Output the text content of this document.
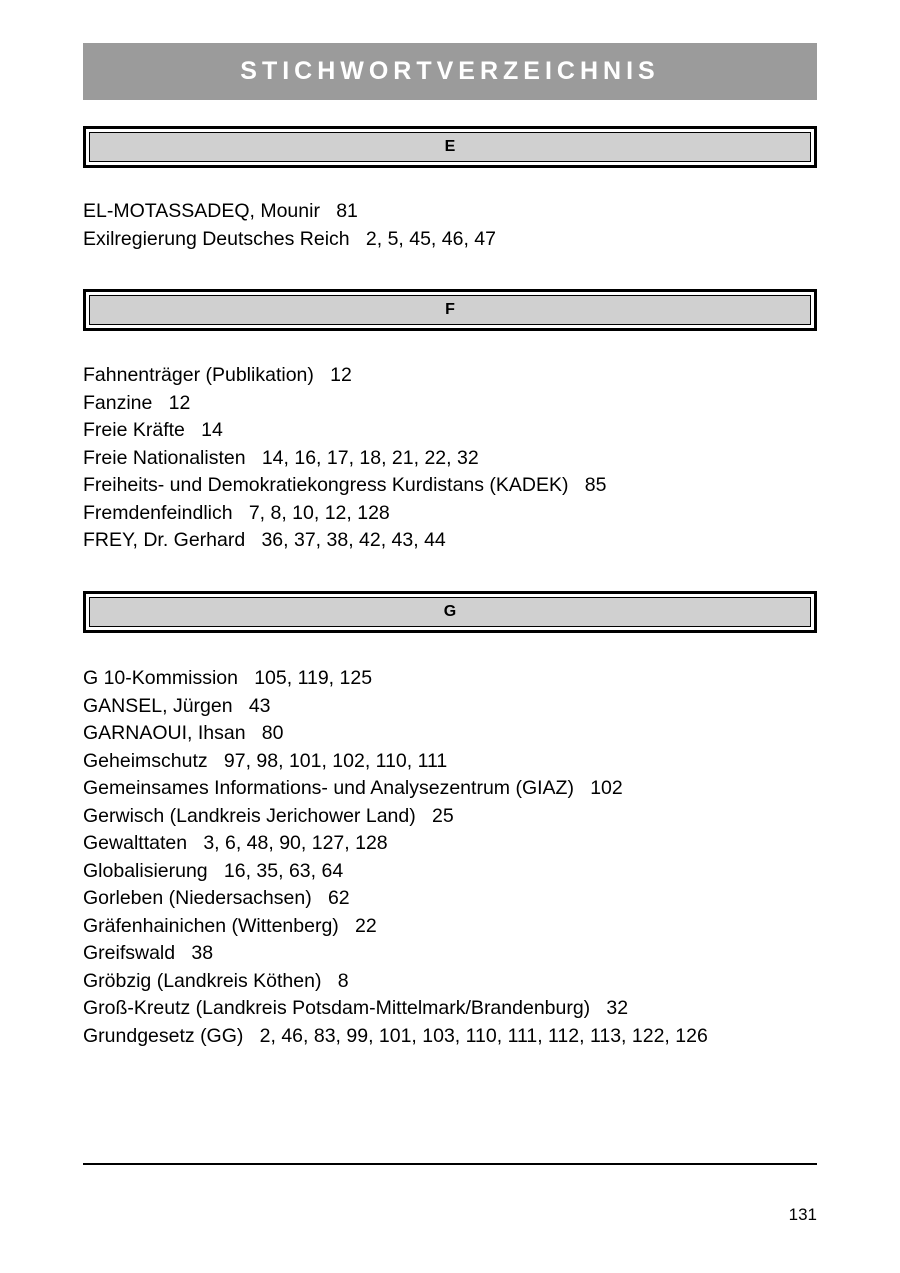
STICHWORTVERZEICHNIS
E
EL-MOTASSADEQ, Mounir   81
Exilregierung Deutsches Reich   2, 5, 45, 46, 47
F
Fahnenträger (Publikation)   12
Fanzine   12
Freie Kräfte   14
Freie Nationalisten   14, 16, 17, 18, 21, 22, 32
Freiheits- und Demokratiekongress Kurdistans (KADEK)   85
Fremdenfeindlich   7, 8, 10, 12, 128
FREY, Dr. Gerhard   36, 37, 38, 42, 43, 44
G
G 10-Kommission   105, 119, 125
GANSEL, Jürgen   43
GARNAOUI, Ihsan   80
Geheimschutz   97, 98, 101, 102, 110, 111
Gemeinsames Informations- und Analysezentrum (GIAZ)   102
Gerwisch (Landkreis Jerichower Land)   25
Gewalttaten   3, 6, 48, 90, 127, 128
Globalisierung   16, 35, 63, 64
Gorleben (Niedersachsen)   62
Gräfenhainichen (Wittenberg)   22
Greifswald   38
Gröbzig (Landkreis Köthen)   8
Groß-Kreutz (Landkreis Potsdam-Mittelmark/Brandenburg)   32
Grundgesetz (GG)   2, 46, 83, 99, 101, 103, 110, 111, 112, 113, 122, 126
131
